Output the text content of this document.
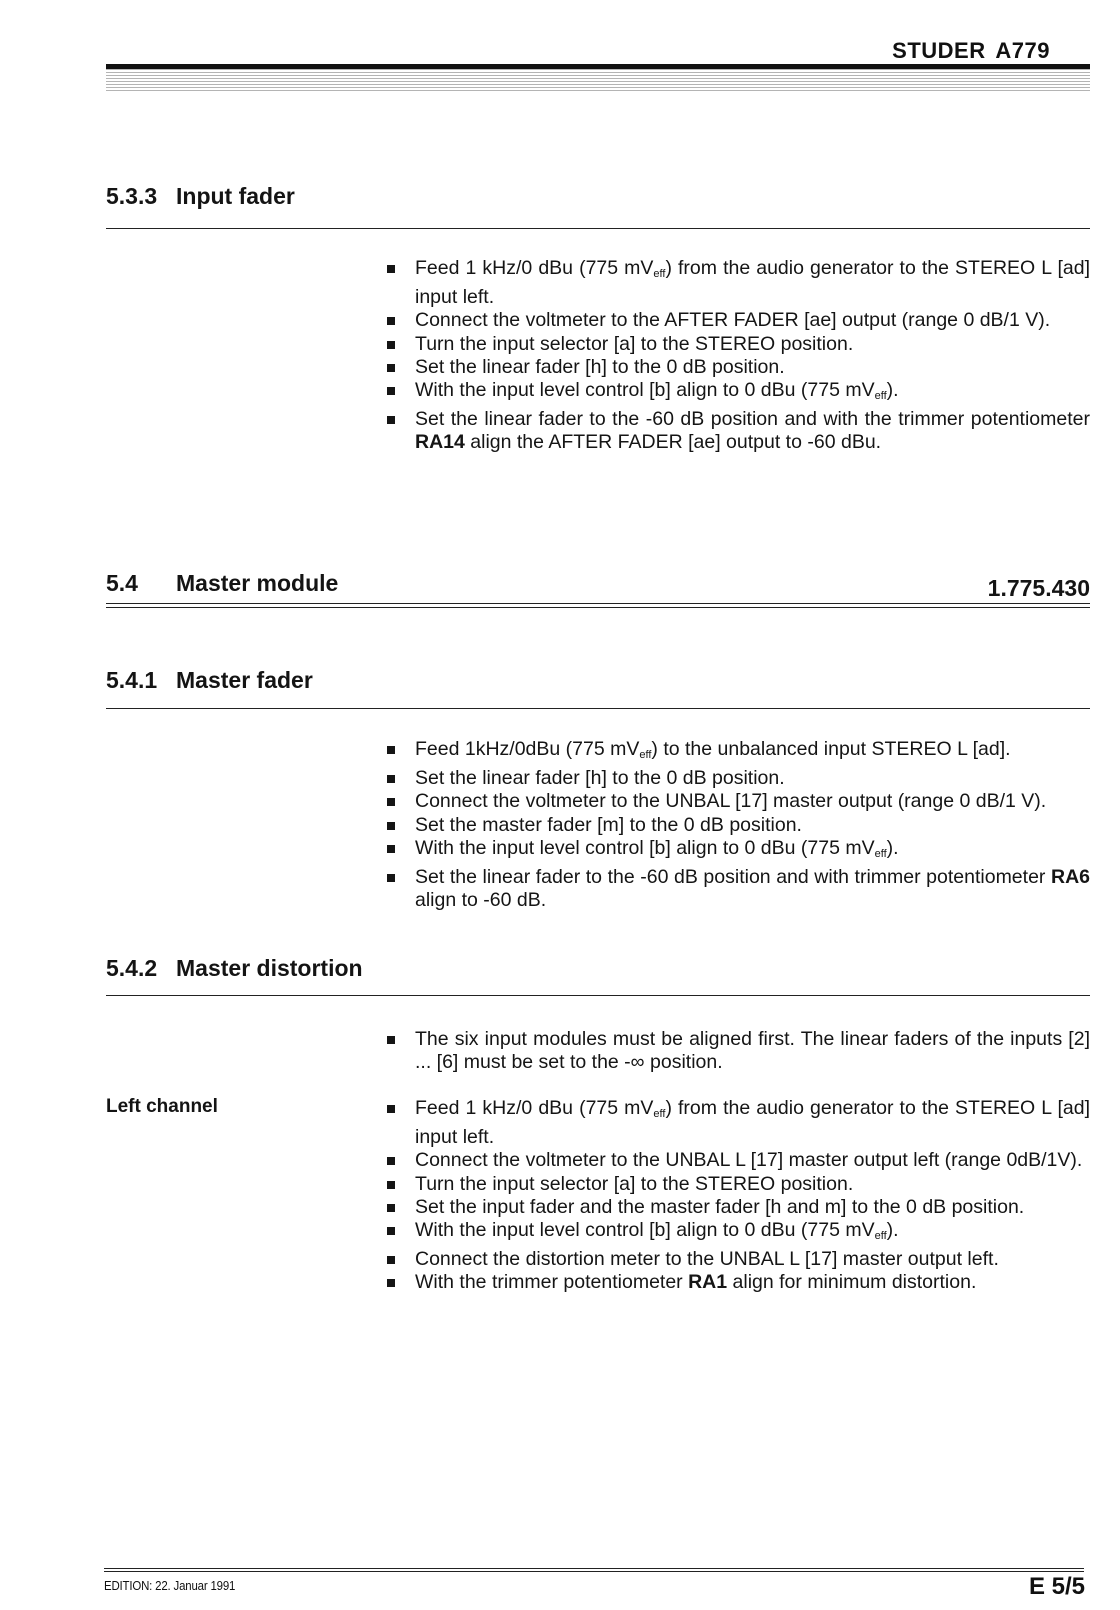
STUDER A779
5.3.3 Input fader
Feed 1 kHz/0 dBu (775 $mV_{eff}$) from the audio generator to the STEREO L [ad] input left.
Connect the voltmeter to the AFTER FADER [ae] output (range 0 dB/1 V).
Turn the input selector [a] to the STEREO position.
Set the linear fader [h] to the 0 dB position.
With the input level control [b] align to 0 dBu (775 $mV_{eff}$).
Set the linear fader to the -60 dB position and with the trimmer potentiometer RA14 align the AFTER FADER [ae] output to -60 dBu.
5.4 Master module	1.775.430
5.4.1 Master fader
Feed 1kHz/0dBu (775 $mV_{eff}$) to the unbalanced input STEREO L [ad].
Set the linear fader [h] to the 0 dB position.
Connect the voltmeter to the UNBAL [17] master output (range 0 dB/1 V).
Set the master fader [m] to the 0 dB position.
With the input level control [b] align to 0 dBu (775 $mV_{eff}$).
Set the linear fader to the -60 dB position and with trimmer potentiometer RA6 align to -60 dB.
5.4.2 Master distortion
The six input modules must be aligned first. The linear faders of the inputs [2] ... [6] must be set to the -∞ position.
Left channel	Feed 1 kHz/0 dBu (775 $mV_{eff}$) from the audio generator to the STEREO L [ad] input left.
Connect the voltmeter to the UNBAL L [17] master output left (range 0dB/1V).
Turn the input selector [a] to the STEREO position.
Set the input fader and the master fader [h and m] to the 0 dB position.
With the input level control [b] align to 0 dBu (775 $mV_{eff}$).
Connect the distortion meter to the UNBAL L [17] master output left.
With the trimmer potentiometer RA1 align for minimum distortion.
EDITION: 22. Januar 1991	E 5/5
